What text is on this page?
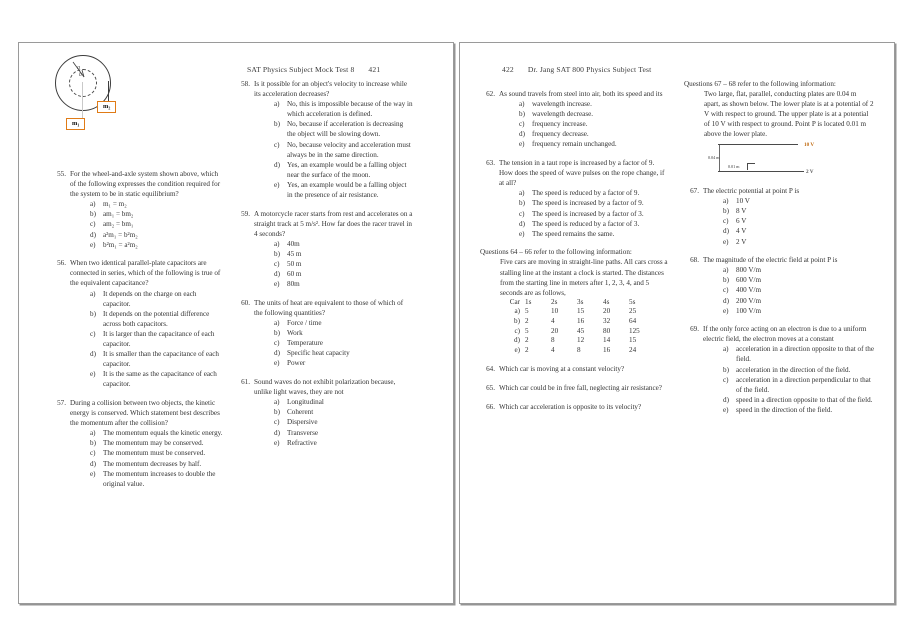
SAT Physics Subject Mock Test 8 421
a
b
m₂
m₁
55. For the wheel-and-axle system shown above, which of the following expresses the condition required for the system to be in static equilibrium?
a)	m₁ = m₂
b) am₁ = bm₂
c)	am₂ = bm₁
d) a²m₁ = b²m₂
e)	b²m₁ = a²m₂
56. When two identical parallel-plate capacitors are connected in series, which of the following is true of the equivalent capacitance?
a)	It depends on the charge on each capacitor.
b) It depends on the potential difference across both capacitors.
c)	It is larger than the capacitance of each capacitor.
d) It is smaller than the capacitance of each capacitor.
e)	It is the same as the capacitance of each capacitor.
57. During a collision between two objects, the kinetic energy is conserved. Which statement best describes the momentum after the collision?
a)	The momentum equals the kinetic energy.
b) The momentum may be conserved.
c)	The momentum must be conserved.
d) The momentum decreases by half.
e)	The momentum increases to double the original value.
58. Is it possible for an object's velocity to increase while its acceleration decreases?
a)	No, this is impossible because of the way in which acceleration is defined.
b) No, because if acceleration is decreasing the object will be slowing down.
c)	No, because velocity and acceleration must always be in the same direction.
d) Yes, an example would be a falling object near the surface of the moon.
e)	Yes, an example would be a falling object in the presence of air resistance.
59. A motorcycle racer starts from rest and accelerates on a straight track at 5 m/s². How far does the racer travel in 4 seconds?
a)	40m
b) 45 m
c)	50 m
d) 60 m
e)	80m
60. The units of heat are equivalent to those of which of the following quantities?
a)	Force / time
b) Work
c)	Temperature
d) Specific heat capacity
e)	Power
61. Sound waves do not exhibit polarization because, unlike light waves, they are not
a)	Longitudinal
b) Coherent
c)	Dispersive
d) Transverse
e)	Refractive
422 Dr. Jang SAT 800 Physics Subject Test
62. As sound travels from steel into air, both its speed and its
a)	wavelength increase.
b) wavelength decrease.
c)	frequency increase.
d) frequency decrease.
e)	frequency remain unchanged.
63. The tension in a taut rope is increased by a factor of 9. How does the speed of wave pulses on the rope change, if at all?
a)	The speed is reduced by a factor of 9.
b) The speed is increased by a factor of 9.
c)	The speed is increased by a factor of 3.
d) The speed is reduced by a factor of 3.
e)	The speed remains the same.
Questions 64 – 66 refer to the following information:
Five cars are moving in straight-line paths. All cars cross a stalling line at the instant a clock is started. The distances from the starting line in meters after 1, 2, 3, 4, and 5 seconds are as follows,
Car	1s	2s	3s	4s	5s
a)	5	10	15	20	25
b)	2	4	16	32	64
c)	5	20	45	80	125
d)	2	8	12	14	15
e)	2	4	8	16	24
64. Which car is moving at a constant velocity?
65. Which car could be in free fall, neglecting air resistance?
66. Which car acceleration is opposite to its velocity?
Questions 67 – 68 refer to the following information:
Two large, flat, parallel, conducting plates are 0.04 m apart, as shown below. The lower plate is at a potential of 2 V with respect to ground. The upper plate is at a potential of 10 V with respect to ground. Point P is located 0.01 m above the lower plate.
0.04 m
0.01 m
10 V
2 V
67. The electric potential at point P is
a)	10 V
b) 8 V
c)	6 V
d) 4 V
e)	2 V
68. The magnitude of the electric field at point P is
a)	800 V/m
b) 600 V/m
c)	400 V/m
d) 200 V/m
e)	100 V/m
69. If the only force acting on an electron is due to a uniform electric field, the electron moves at a constant
a)	acceleration in a direction opposite to that of the field.
b) acceleration in the direction of the field.
c)	acceleration in a direction perpendicular to that of the field.
d) speed in a direction opposite to that of the field.
e)	speed in the direction of the field.
